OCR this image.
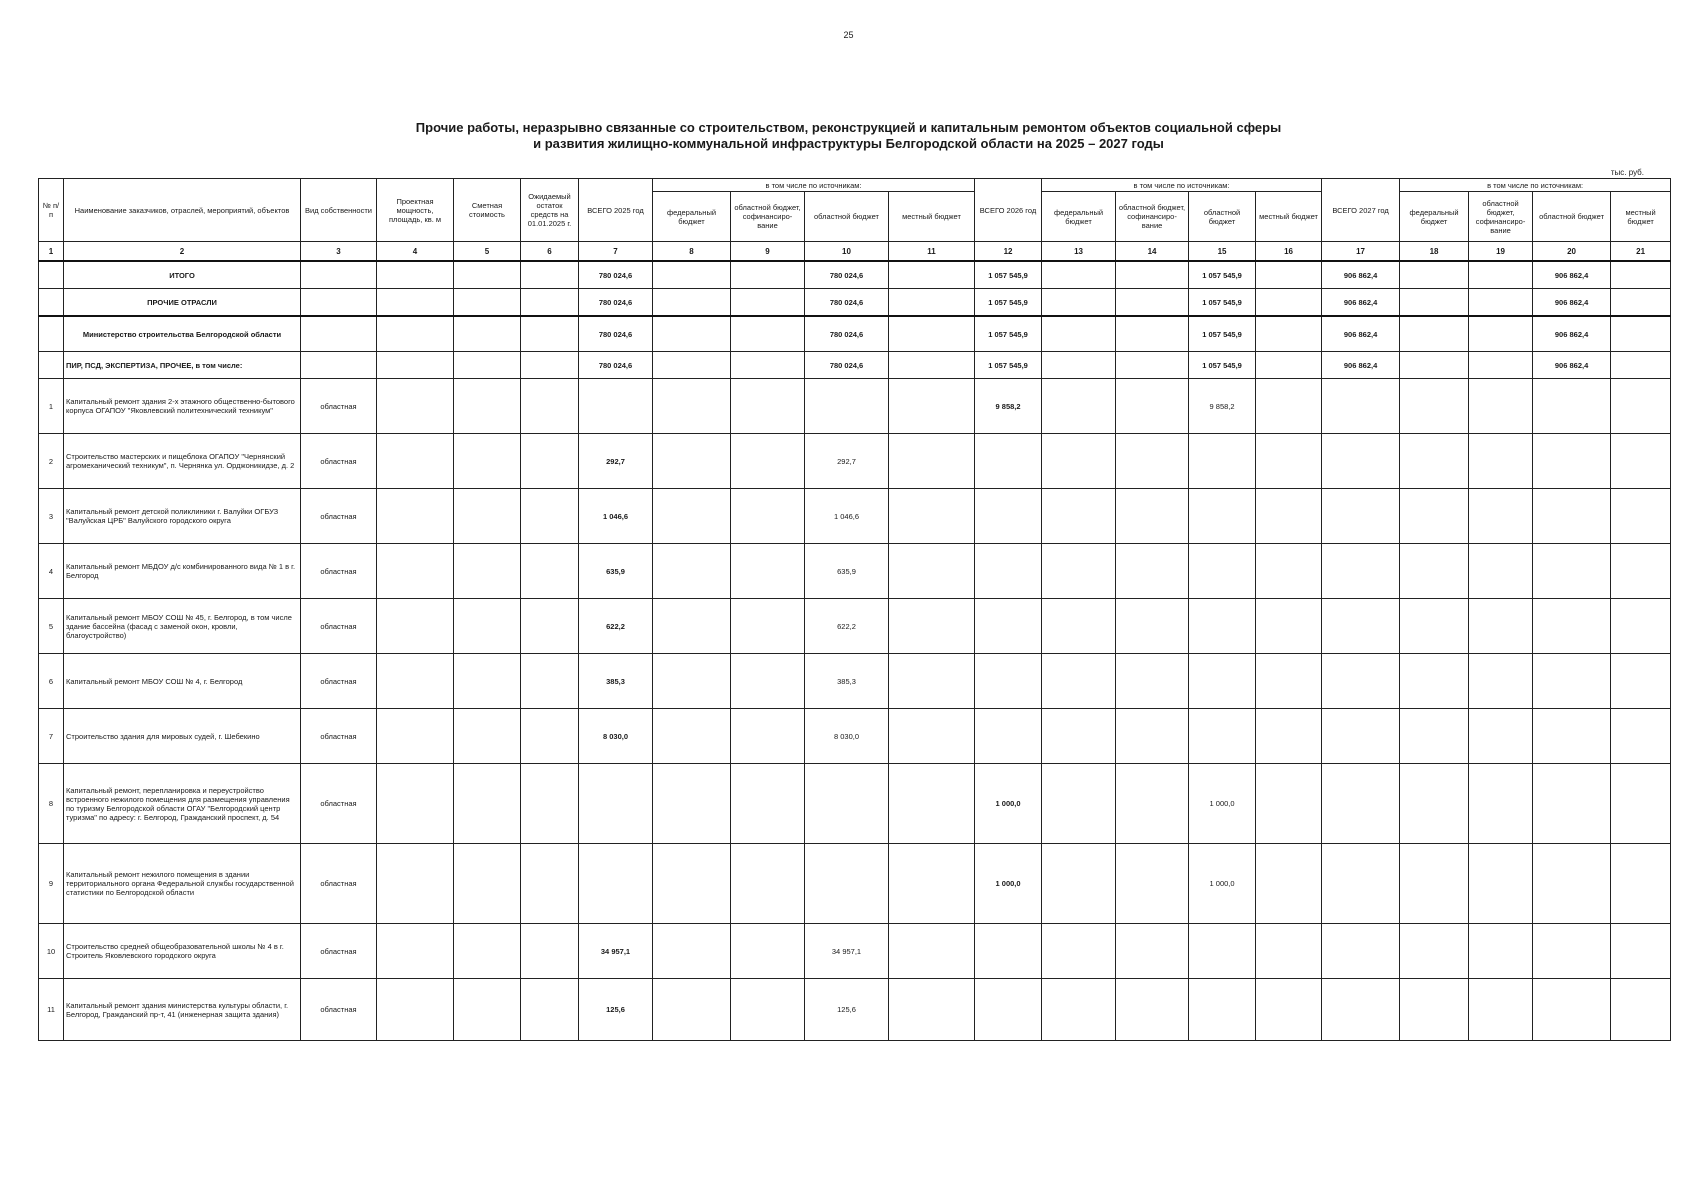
25
Прочие работы, неразрывно связанные со строительством, реконструкцией и капитальным ремонтом объектов социальной сферы
и развития жилищно-коммунальной инфраструктуры Белгородской области на 2025 – 2027 годы
тыс. руб.
№ п/п	Наименование заказчиков, отраслей, мероприятий, объектов	Вид собственности	Проектная мощность, площадь, кв. м	Сметная стоимость	Ожидаемый остаток средств на 01.01.2025 г.	ВСЕГО 2025 год	в том числе по источникам:				ВСЕГО 2026 год	в том числе по источникам:				ВСЕГО 2027 год	в том числе по источникам:			
							федеральный бюджет	областной бюджет, софинансиро- вание	областной бюджет	местный бюджет		федеральный бюджет	областной бюджет, софинансиро- вание	областной бюджет	местный бюджет		федеральный бюджет	областной бюджет, софинансиро- вание	областной бюджет	местный бюджет
1	2	3	4	5	6	7	8	9	10	11	12	13	14	15	16	17	18	19	20	21
	ИТОГО					780 024,6			780 024,6		1 057 545,9			1 057 545,9		906 862,4			906 862,4	
	ПРОЧИЕ ОТРАСЛИ					780 024,6			780 024,6		1 057 545,9			1 057 545,9		906 862,4			906 862,4	
	Министерство строительства Белгородской области					780 024,6			780 024,6		1 057 545,9			1 057 545,9		906 862,4			906 862,4	
	ПИР, ПСД, ЭКСПЕРТИЗА, ПРОЧЕЕ, в том числе:					780 024,6			780 024,6		1 057 545,9			1 057 545,9		906 862,4			906 862,4	
1	Капитальный ремонт здания 2-х этажного общественно-бытового корпуса ОГАПОУ "Яковлевский политехнический техникум"	областная									9 858,2			9 858,2						
2	Строительство мастерских и пищеблока ОГАПОУ "Чернянский агромеханический техникум", п. Чернянка ул. Орджоникидзе, д. 2	областная				292,7			292,7											
3	Капитальный ремонт детской поликлиники г. Валуйки ОГБУЗ "Валуйская ЦРБ" Валуйского городского округа	областная				1 046,6			1 046,6											
4	Капитальный ремонт МБДОУ д/с комбинированного вида № 1 в г. Белгород	областная				635,9			635,9											
5	Капитальный ремонт МБОУ СОШ № 45, г. Белгород, в том числе здание бассейна (фасад с заменой окон, кровли, благоустройство)	областная				622,2			622,2											
6	Капитальный ремонт МБОУ СОШ № 4, г. Белгород	областная				385,3			385,3											
7	Строительство здания для мировых судей, г. Шебекино	областная				8 030,0			8 030,0											
8	Капитальный ремонт, перепланировка и переустройство встроенного нежилого помещения для размещения управления по туризму Белгородской области ОГАУ "Белгородский центр туризма" по адресу: г. Белгород, Гражданский проспект, д. 54	областная									1 000,0			1 000,0						
9	Капитальный ремонт нежилого помещения в здании территориального органа Федеральной службы государственной статистики по Белгородской области	областная									1 000,0			1 000,0						
10	Строительство средней общеобразовательной школы № 4 в г. Строитель Яковлевского городского округа	областная				34 957,1			34 957,1											
11	Капитальный ремонт здания министерства культуры области, г. Белгород, Гражданский пр-т, 41 (инженерная защита здания)	областная				125,6			125,6											
